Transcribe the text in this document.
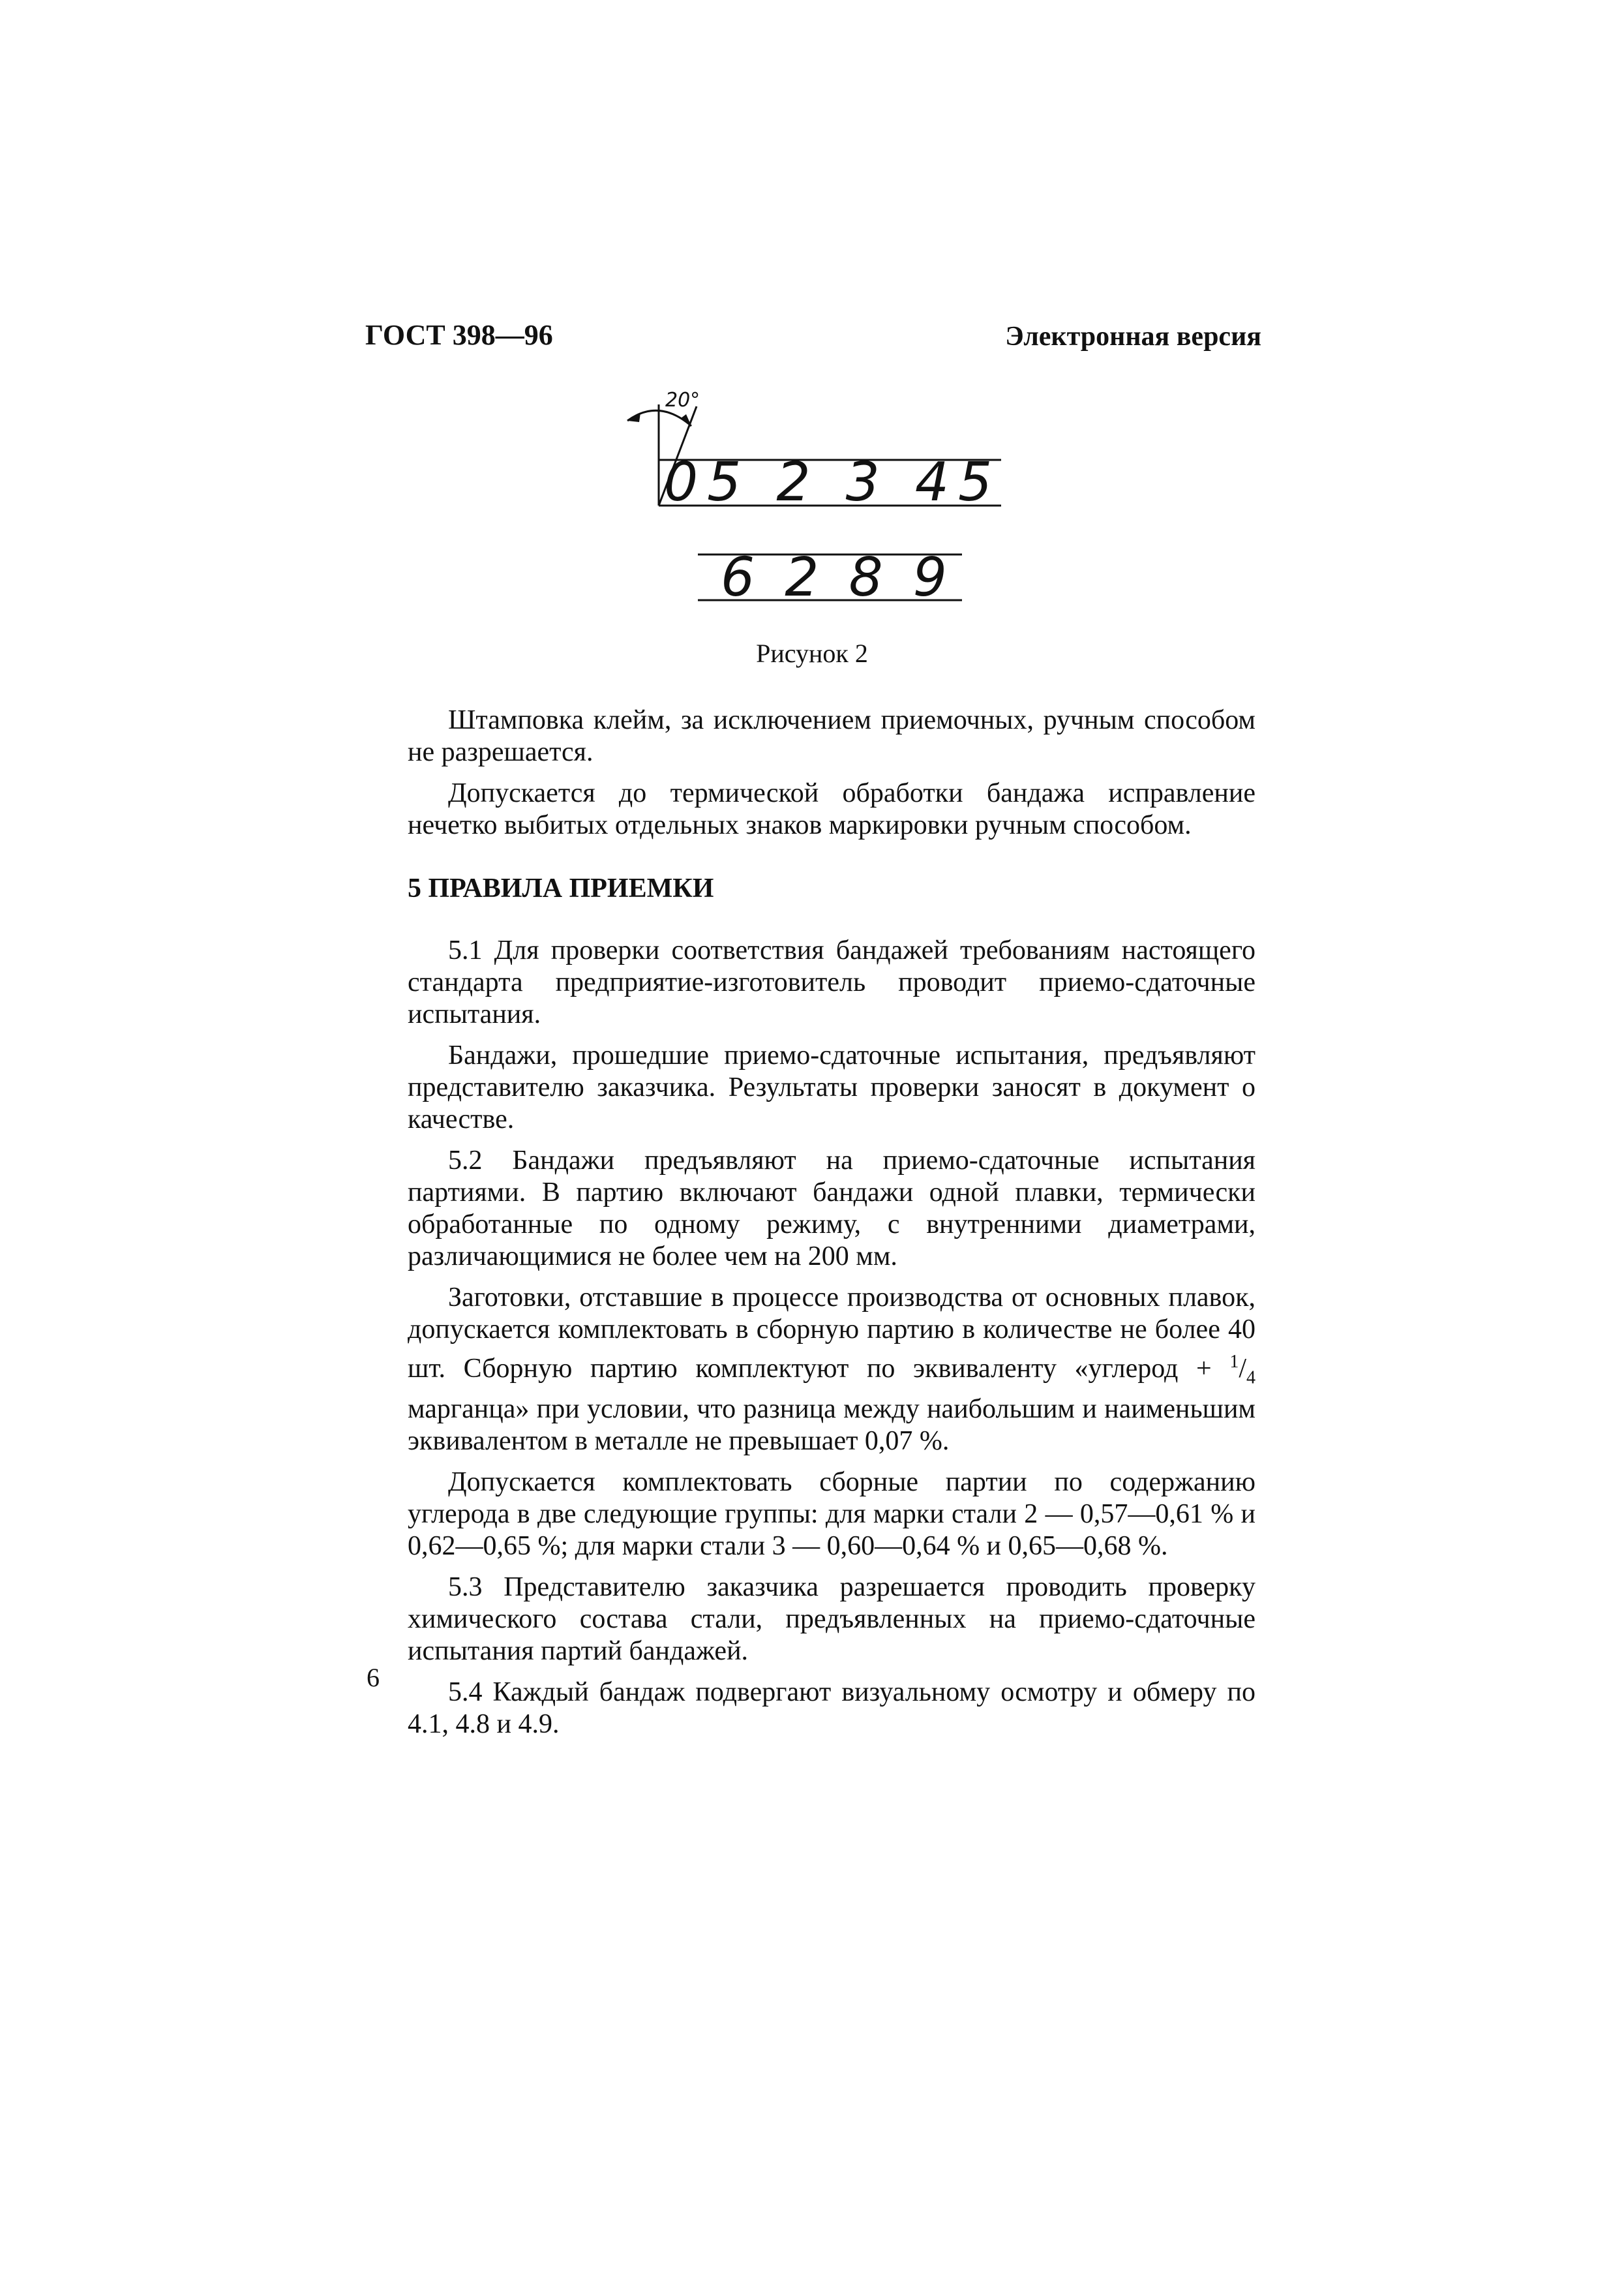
ГОСТ 398—96	Электронная версия
20°
05 2 3 45
6 2 8 9
Рисунок 2

Штамповка клейм, за исключением приемочных, ручным способом не разрешается.

Допускается до термической обработки бандажа исправление нечетко выбитых отдельных знаков маркировки ручным способом.

5 ПРАВИЛА ПРИЕМКИ

5.1 Для проверки соответствия бандажей требованиям настоящего стандарта предприятие-изготовитель проводит приемо-сдаточные испытания.

Бандажи, прошедшие приемо-сдаточные испытания, предъявляют представителю заказчика. Результаты проверки заносят в документ о качестве.

5.2 Бандажи предъявляют на приемо-сдаточные испытания партиями. В партию включают бандажи одной плавки, термически обработанные по одному режиму, с внутренними диаметрами, различающимися не более чем на 200 мм.

Заготовки, отставшие в процессе производства от основных плавок, допускается комплектовать в сборную партию в количестве не более 40 шт. Сборную партию комплектуют по эквиваленту «углерод + $^1/_4$ марганца» при условии, что разница между наибольшим и наименьшим эквивалентом в металле не превышает 0,07 %.

Допускается комплектовать сборные партии по содержанию углерода в две следующие группы: для марки стали 2 — 0,57—0,61 % и 0,62—0,65 %; для марки стали 3 — 0,60—0,64 % и 0,65—0,68 %.

5.3 Представителю заказчика разрешается проводить проверку химического состава стали, предъявленных на приемо-сдаточные испытания партий бандажей.

5.4 Каждый бандаж подвергают визуальному осмотру и обмеру по 4.1, 4.8 и 4.9.

6
